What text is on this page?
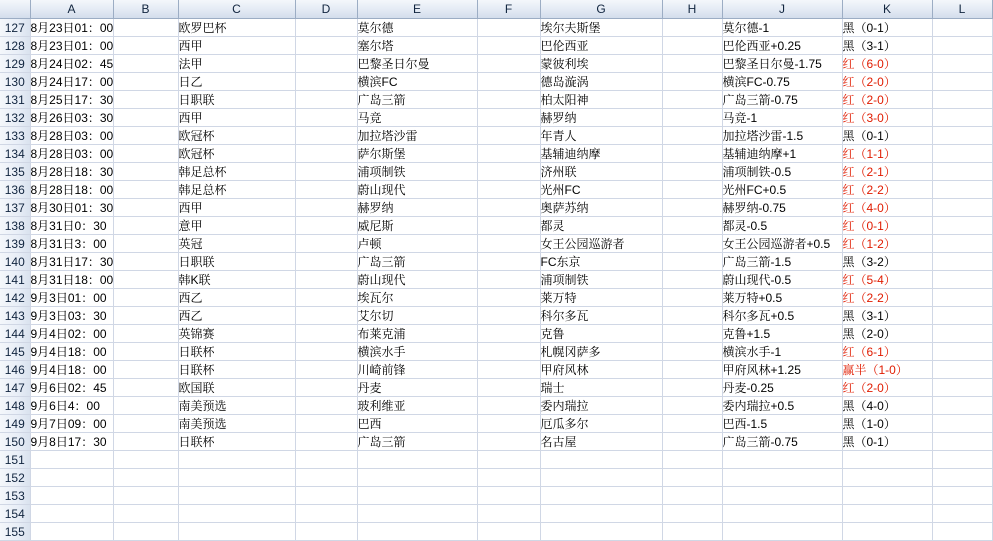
	A	B	C	D	E	F	G	H	J	K	L
127	8月23日01：00		欧罗巴杯		莫尔德		埃尔夫斯堡		莫尔德-1	黑（0-1）	
128	8月23日01：00		西甲		塞尔塔		巴伦西亚		巴伦西亚+0.25	黑（3-1）	
129	8月24日02：45		法甲		巴黎圣日尔曼		蒙彼利埃		巴黎圣日尔曼-1.75	红（6-0）	
130	8月24日17：00		日乙		横滨FC		德岛漩涡		横滨FC-0.75	红（2-0）	
131	8月25日17：30		日职联		广岛三箭		柏太阳神		广岛三箭-0.75	红（2-0）	
132	8月26日03：30		西甲		马竞		赫罗纳		马竞-1	红（3-0）	
133	8月28日03：00		欧冠杯		加拉塔沙雷		年青人		加拉塔沙雷-1.5	黑（0-1）	
134	8月28日03：00		欧冠杯		萨尔斯堡		基辅迪纳摩		基辅迪纳摩+1	红（1-1）	
135	8月28日18：30		韩足总杯		浦项制铁		济州联		浦项制铁-0.5	红（2-1）	
136	8月28日18：00		韩足总杯		蔚山现代		光州FC		光州FC+0.5	红（2-2）	
137	8月30日01：30		西甲		赫罗纳		奥萨苏纳		赫罗纳-0.75	红（4-0）	
138	8月31日0：30		意甲		威尼斯		都灵		都灵-0.5	红（0-1）	
139	8月31日3：00		英冠		卢顿		女王公园巡游者		女王公园巡游者+0.5	红（1-2）	
140	8月31日17：30		日职联		广岛三箭		FC东京		广岛三箭-1.5	黑（3-2）	
141	8月31日18：00		韩K联		蔚山现代		浦项制铁		蔚山现代-0.5	红（5-4）	
142	9月3日01：00		西乙		埃瓦尔		莱万特		莱万特+0.5	红（2-2）	
143	9月3日03：30		西乙		艾尔切		科尔多瓦		科尔多瓦+0.5	黑（3-1）	
144	9月4日02：00		英锦赛		布莱克浦		克鲁		克鲁+1.5	黑（2-0）	
145	9月4日18：00		日联杯		横滨水手		札幌冈萨多		横滨水手-1	红（6-1）	
146	9月4日18：00		日联杯		川崎前锋		甲府风林		甲府风林+1.25	赢半（1-0）	
147	9月6日02：45		欧国联		丹麦		瑞士		丹麦-0.25	红（2-0）	
148	9月6日4：00		南美预选		玻利维亚		委内瑞拉		委内瑞拉+0.5	黑（4-0）	
149	9月7日09：00		南美预选		巴西		厄瓜多尔		巴西-1.5	黑（1-0）	
150	9月8日17：30		日联杯		广岛三箭		名古屋		广岛三箭-0.75	黑（0-1）	
151											
152											
153											
154											
155											
